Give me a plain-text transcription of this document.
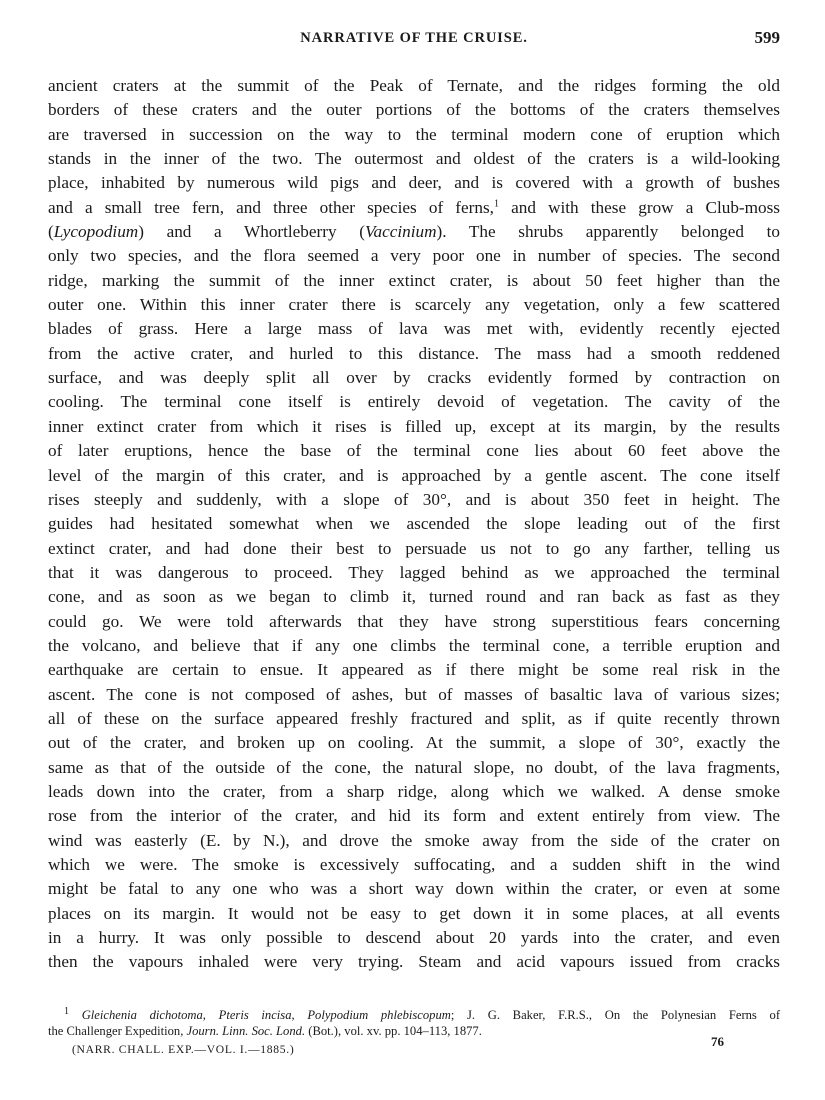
NARRATIVE OF THE CRUISE.	599
ancient craters at the summit of the Peak of Ternate, and the ridges forming the old
borders of these craters and the outer portions of the bottoms of the craters themselves
are traversed in succession on the way to the terminal modern cone of eruption which
stands in the inner of the two. The outermost and oldest of the craters is a wild-looking
place, inhabited by numerous wild pigs and deer, and is covered with a growth of bushes
and a small tree fern, and three other species of ferns,$^1$ and with these grow a Club-moss
(Lycopodium) and a Whortleberry (Vaccinium). The shrubs apparently belonged to
only two species, and the flora seemed a very poor one in number of species. The second
ridge, marking the summit of the inner extinct crater, is about 50 feet higher than the
outer one. Within this inner crater there is scarcely any vegetation, only a few scattered
blades of grass. Here a large mass of lava was met with, evidently recently ejected
from the active crater, and hurled to this distance. The mass had a smooth reddened
surface, and was deeply split all over by cracks evidently formed by contraction on
cooling. The terminal cone itself is entirely devoid of vegetation. The cavity of the
inner extinct crater from which it rises is filled up, except at its margin, by the results
of later eruptions, hence the base of the terminal cone lies about 60 feet above the
level of the margin of this crater, and is approached by a gentle ascent. The cone itself
rises steeply and suddenly, with a slope of 30°, and is about 350 feet in height. The
guides had hesitated somewhat when we ascended the slope leading out of the first
extinct crater, and had done their best to persuade us not to go any farther, telling us
that it was dangerous to proceed. They lagged behind as we approached the terminal
cone, and as soon as we began to climb it, turned round and ran back as fast as they
could go. We were told afterwards that they have strong superstitious fears concerning
the volcano, and believe that if any one climbs the terminal cone, a terrible eruption and
earthquake are certain to ensue. It appeared as if there might be some real risk in the
ascent. The cone is not composed of ashes, but of masses of basaltic lava of various sizes;
all of these on the surface appeared freshly fractured and split, as if quite recently thrown
out of the crater, and broken up on cooling. At the summit, a slope of 30°, exactly the
same as that of the outside of the cone, the natural slope, no doubt, of the lava fragments,
leads down into the crater, from a sharp ridge, along which we walked. A dense smoke
rose from the interior of the crater, and hid its form and extent entirely from view. The
wind was easterly (E. by N.), and drove the smoke away from the side of the crater on
which we were. The smoke is excessively suffocating, and a sudden shift in the wind
might be fatal to any one who was a short way down within the crater, or even at some
places on its margin. It would not be easy to get down it in some places, at all events
in a hurry. It was only possible to descend about 20 yards into the crater, and even
then the vapours inhaled were very trying. Steam and acid vapours issued from cracks
$^1$ Gleichenia dichotoma, Pteris incisa, Polypodium phlebiscopum; J. G. Baker, F.R.S., On the Polynesian Ferns of
the Challenger Expedition, Journ. Linn. Soc. Lond. (Bot.), vol. xv. pp. 104–113, 1877.
(NARR. CHALL. EXP.—VOL. I.—1885.)
76
